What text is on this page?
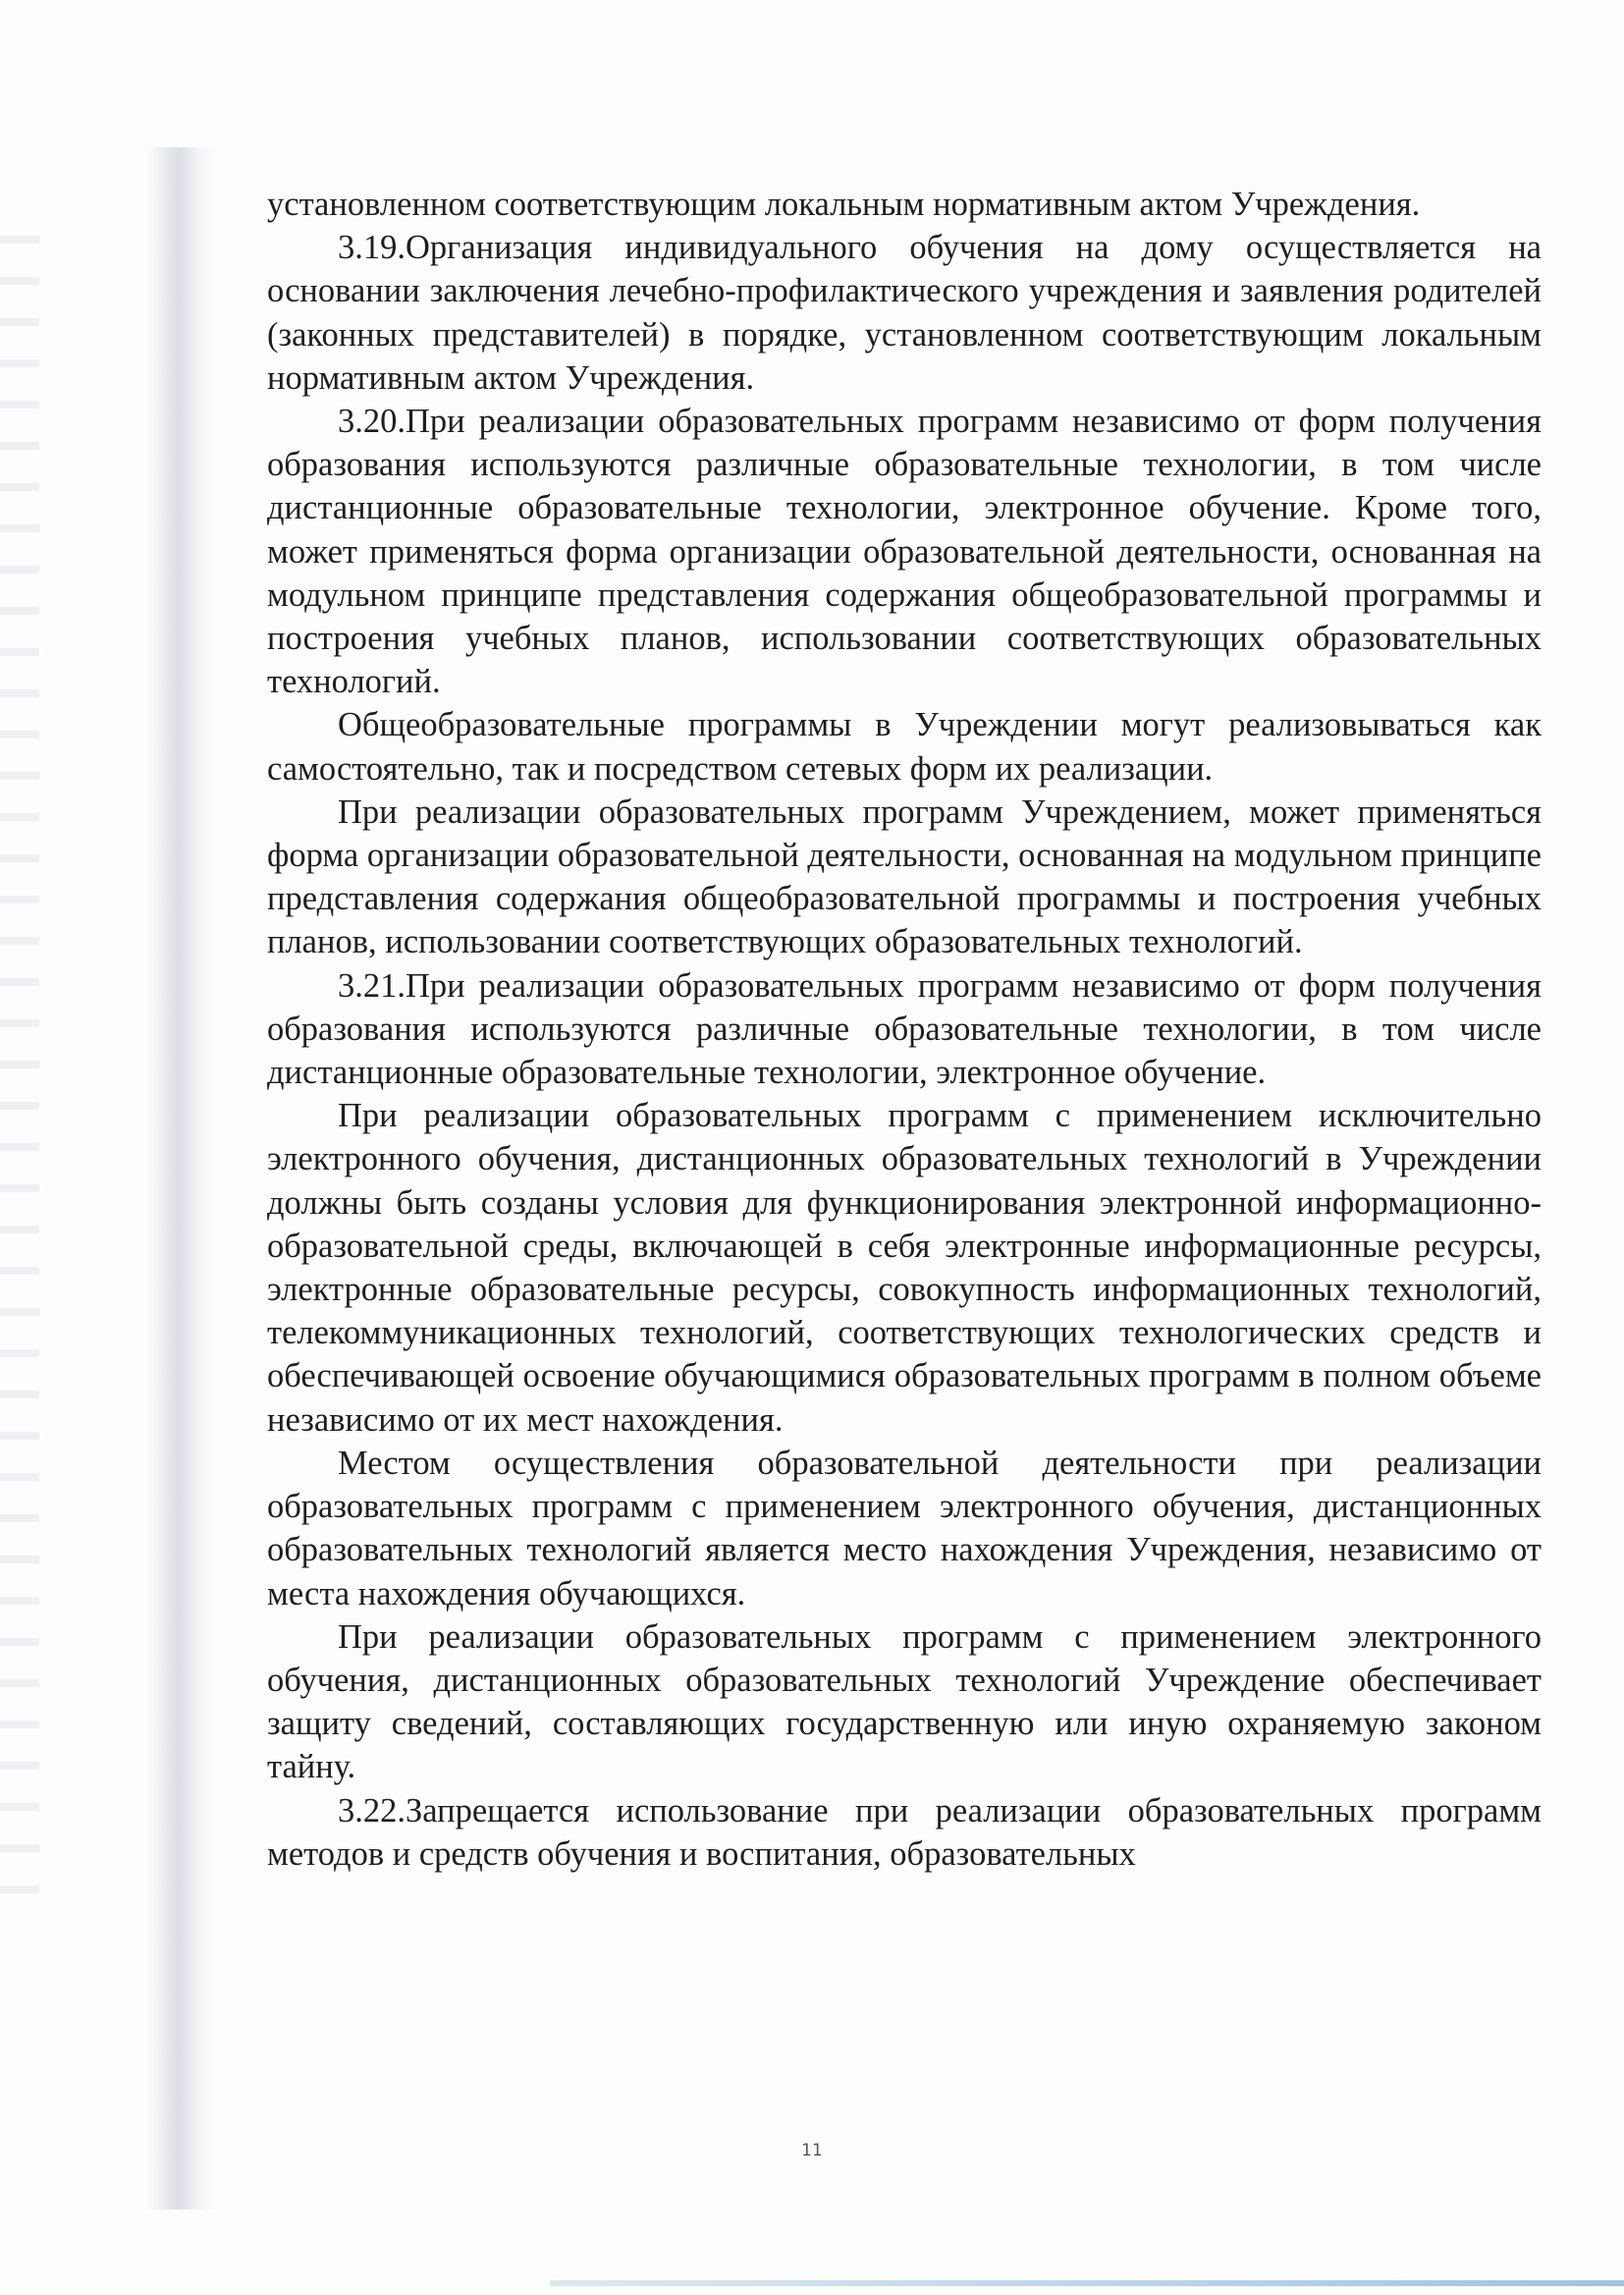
установленном соответствующим локальным нормативным актом Учреждения.

3.19.Организация индивидуального обучения на дому осуществляется на основании заключения лечебно-профилактического учреждения и заявления родителей (законных представителей) в порядке, установленном соответствующим локальным нормативным актом Учреждения.

3.20.При реализации образовательных программ независимо от форм получения образования используются различные образовательные технологии, в том числе дистанционные образовательные технологии, электронное обучение. Кроме того, может применяться форма организации образовательной деятельности, основанная на модульном принципе представления содержания общеобразовательной программы и построения учебных планов, использовании соответствующих образовательных технологий.

Общеобразовательные программы в Учреждении могут реализовываться как самостоятельно, так и посредством сетевых форм их реализации.

При реализации образовательных программ Учреждением, может применяться форма организации образовательной деятельности, основанная на модульном принципе представления содержания общеобразовательной программы и построения учебных планов, использовании соответствующих образовательных технологий.

3.21.При реализации образовательных программ независимо от форм получения образования используются различные образовательные технологии, в том числе дистанционные образовательные технологии, электронное обучение.

При реализации образовательных программ с применением исключительно электронного обучения, дистанционных образовательных технологий в Учреждении должны быть созданы условия для функционирования электронной информационно-образовательной среды, включающей в себя электронные информационные ресурсы, электронные образовательные ресурсы, совокупность информационных технологий, телекоммуникационных технологий, соответствующих технологических средств и обеспечивающей освоение обучающимися образовательных программ в полном объеме независимо от их мест нахождения.

Местом осуществления образовательной деятельности при реализации образовательных программ с применением электронного обучения, дистанционных образовательных технологий является место нахождения Учреждения, независимо от места нахождения обучающихся.

При реализации образовательных программ с применением электронного обучения, дистанционных образовательных технологий Учреждение обеспечивает защиту сведений, составляющих государственную или иную охраняемую законом тайну.

3.22.Запрещается использование при реализации образовательных программ методов и средств обучения и воспитания, образовательных

11
